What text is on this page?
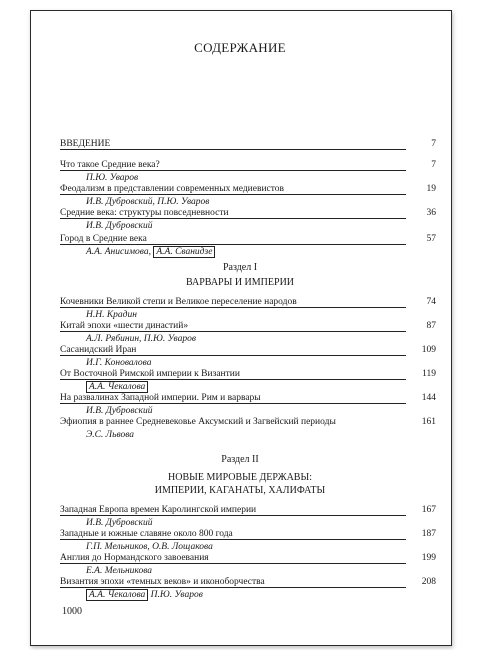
СОДЕРЖАНИЕ
ВВЕДЕНИЕ	7
Что такое Средние века?	7
П.Ю. Уваров
Феодализм в представлении современных медиевистов	19
И.В. Дубровский, П.Ю. Уваров
Средние века: структуры повседневности	36
И.В. Дубровский
Город в Средние века	57
А.А. Анисимова, А.А. Сванидзе
Раздел I
ВАРВАРЫ И ИМПЕРИИ
Кочевники Великой степи и Великое переселение народов	74
Н.Н. Крадин
Китай эпохи «шести династий»	87
А.Л. Рябинин, П.Ю. Уваров
Сасанидский Иран	109
И.Г. Коновалова
От Восточной Римской империи к Византии	119
А.А. Чекалова
На развалинах Западной империи. Рим и варвары	144
И.В. Дубровский
Эфиопия в раннее Средневековье Аксумский и Загвейский периоды	161
Э.С. Львова
Раздел II
НОВЫЕ МИРОВЫЕ ДЕРЖАВЫ:
ИМПЕРИИ, КАГАНАТЫ, ХАЛИФАТЫ
Западная Европа времен Каролингской империи	167
И.В. Дубровский
Западные и южные славяне около 800 года	187
Г.П. Мельников, О.В. Лощакова
Англия до Нормандского завоевания	199
Е.А. Мельникова
Византия эпохи «темных веков» и иконоборчества	208
А.А. Чекалова П.Ю. Уваров
1000
